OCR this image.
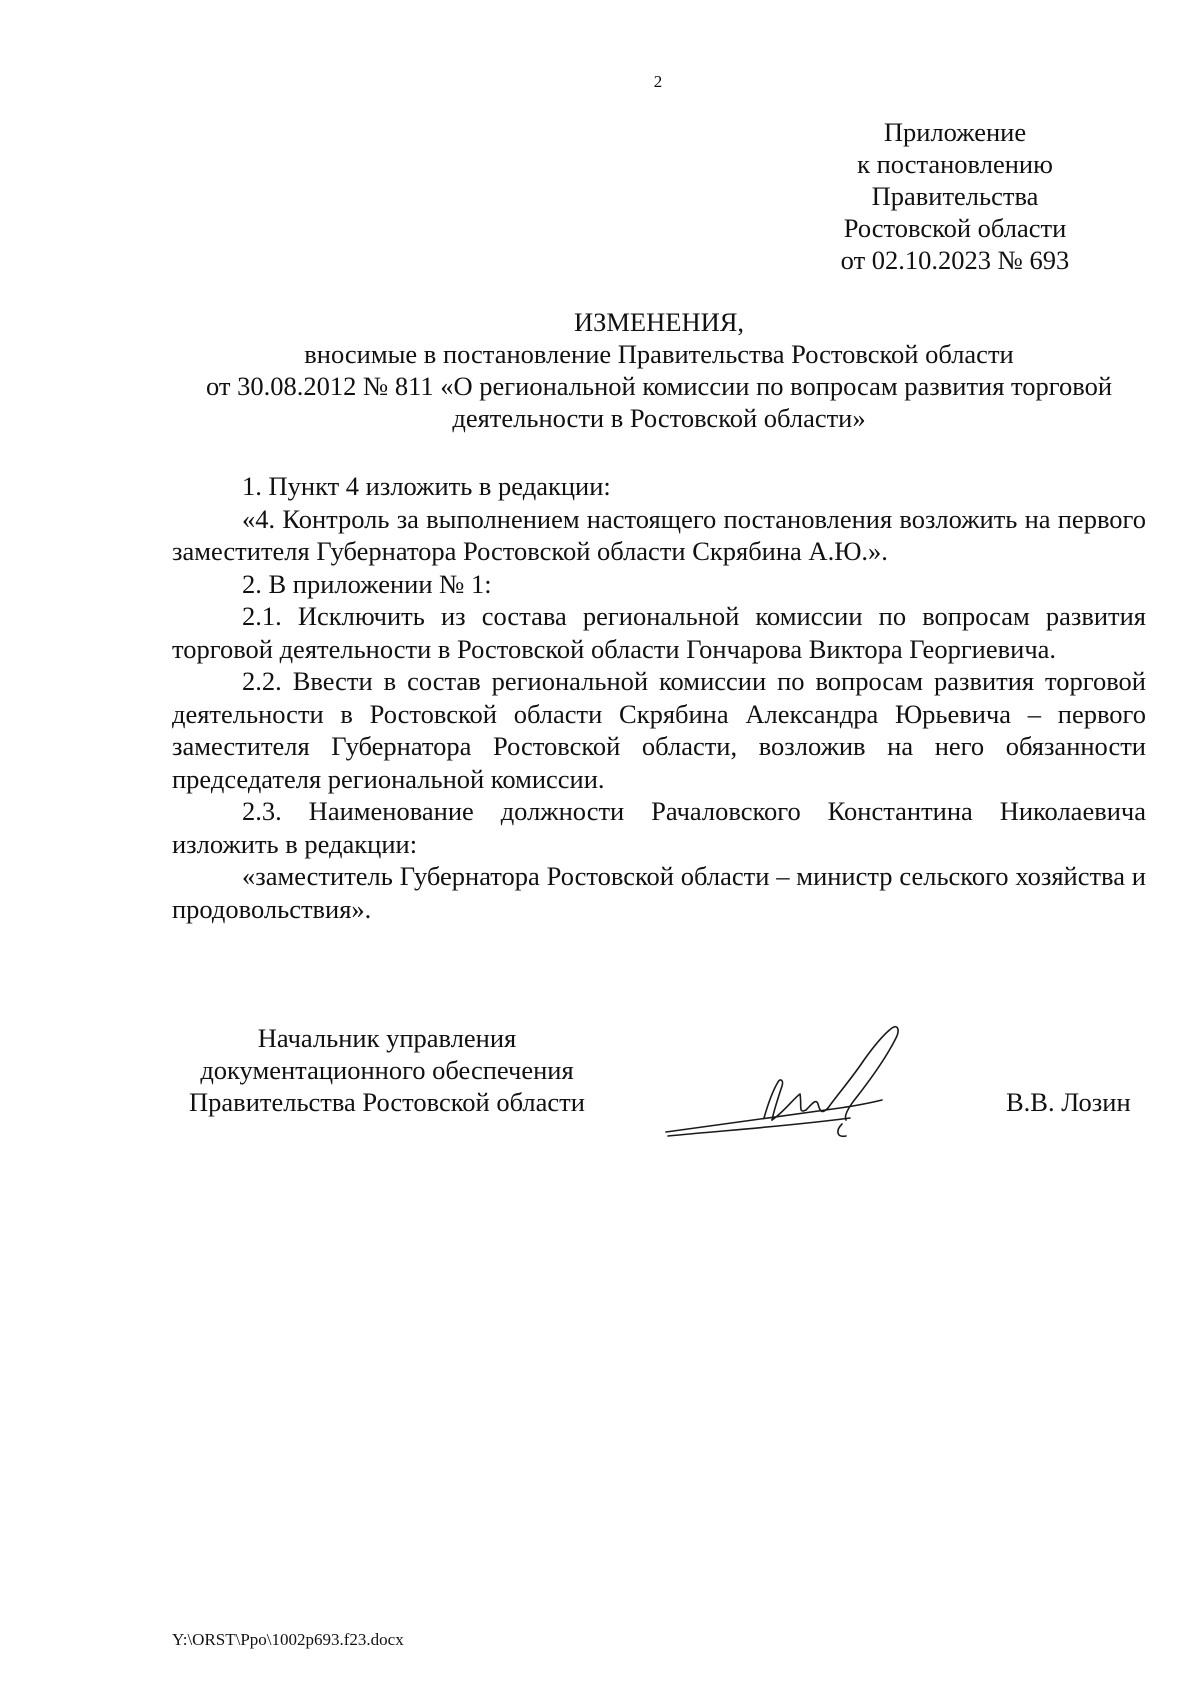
2
Приложение
к постановлению
Правительства
Ростовской области
от 02.10.2023 № 693
ИЗМЕНЕНИЯ,
вносимые в постановление Правительства Ростовской области
от 30.08.2012 № 811 «О региональной комиссии по вопросам развития торговой
деятельности в Ростовской области»

1. Пункт 4 изложить в редакции:

«4. Контроль за выполнением настоящего постановления возложить на первого заместителя Губернатора Ростовской области Скрябина А.Ю.».

2. В приложении № 1:

2.1. Исключить из состава региональной комиссии по вопросам развития торговой деятельности в Ростовской области Гончарова Виктора Георгиевича.

2.2. Ввести в состав региональной комиссии по вопросам развития торговой деятельности в Ростовской области Скрябина Александра Юрьевича – первого заместителя Губернатора Ростовской области, возложив на него обязанности председателя региональной комиссии.

2.3. Наименование должности Рачаловского Константина Николаевича изложить в редакции:

«заместитель Губернатора Ростовской области – министр сельского хозяйства и продовольствия».

Начальник управления
документационного обеспечения
Правительства Ростовской области	В.В. Лозин
Y:\ORST\Ppo\1002p693.f23.docx
